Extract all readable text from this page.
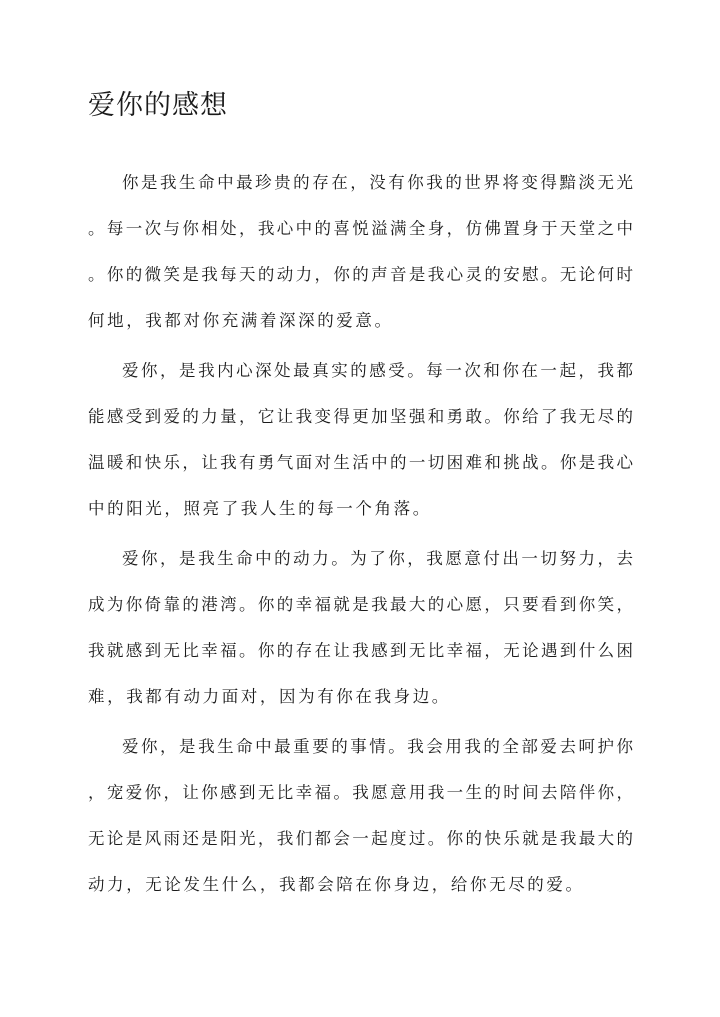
爱你的感想
你是我生命中最珍贵的存在，没有你我的世界将变得黯淡无光
。每一次与你相处，我心中的喜悦溢满全身，仿佛置身于天堂之中
。你的微笑是我每天的动力，你的声音是我心灵的安慰。无论何时
何地，我都对你充满着深深的爱意。
爱你，是我内心深处最真实的感受。每一次和你在一起，我都
能感受到爱的力量，它让我变得更加坚强和勇敢。你给了我无尽的
温暖和快乐，让我有勇气面对生活中的一切困难和挑战。你是我心
中的阳光，照亮了我人生的每一个角落。
爱你，是我生命中的动力。为了你，我愿意付出一切努力，去
成为你倚靠的港湾。你的幸福就是我最大的心愿，只要看到你笑，
我就感到无比幸福。你的存在让我感到无比幸福，无论遇到什么困
难，我都有动力面对，因为有你在我身边。
爱你，是我生命中最重要的事情。我会用我的全部爱去呵护你
，宠爱你，让你感到无比幸福。我愿意用我一生的时间去陪伴你，
无论是风雨还是阳光，我们都会一起度过。你的快乐就是我最大的
动力，无论发生什么，我都会陪在你身边，给你无尽的爱。
